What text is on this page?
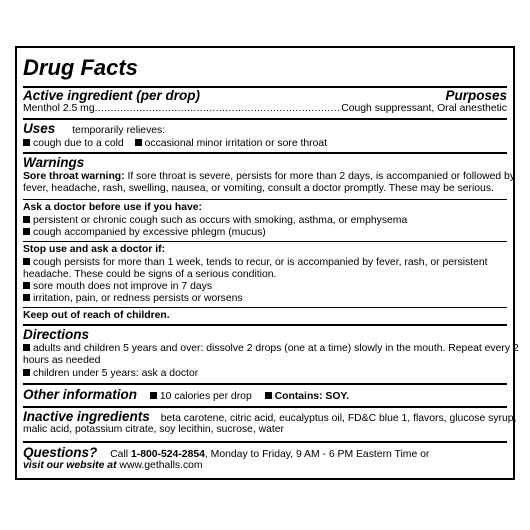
Drug Facts
Active ingredient (per drop)	Purposes
Menthol 2.5 mg
.....	Cough suppressant, Oral anesthetic
Uses temporarily relieves:
cough due to a cold occasional minor irritation or sore throat
Warnings
Sore throat warning: If sore throat is severe, persists for more than 2 days, is accompanied or followed by
fever, headache, rash, swelling, nausea, or vomiting, consult a doctor promptly. These may be serious.
Ask a doctor before use if you have:
persistent or chronic cough such as occurs with smoking, asthma, or emphysema
cough accompanied by excessive phlegm (mucus)
Stop use and ask a doctor if:
cough persists for more than 1 week, tends to recur, or is accompanied by fever, rash, or persistent
headache. These could be signs of a serious condition.
sore mouth does not improve in 7 days
irritation, pain, or redness persists or worsens
Keep out of reach of children.
Directions
adults and children 5 years and over: dissolve 2 drops (one at a time) slowly in the mouth. Repeat every 2
hours as needed
children under 5 years: ask a doctor
Other information 10 calories per drop Contains: SOY.
Inactive ingredients beta carotene, citric acid, eucalyptus oil, FD&C blue 1, flavors, glucose syrup,
malic acid, potassium citrate, soy lecithin, sucrose, water
Questions? Call 1-800-524-2854, Monday to Friday, 9 AM - 6 PM Eastern Time or
visit our website at www.gethalls.com
